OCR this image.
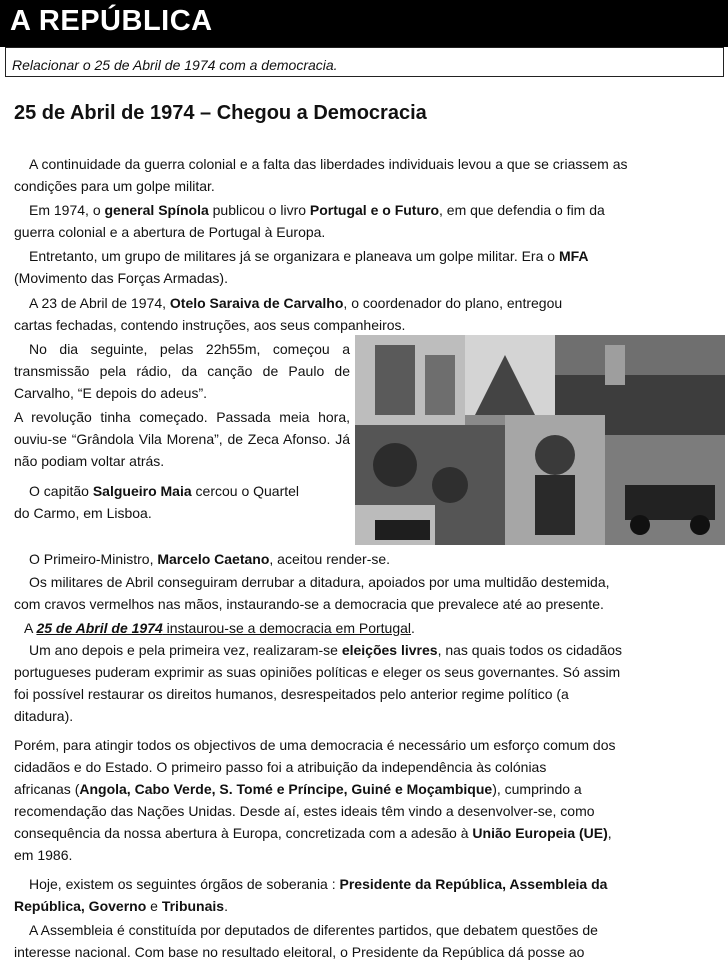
A REPÚBLICA
Relacionar o 25 de Abril de 1974 com a democracia.
25 de Abril de 1974 – Chegou a Democracia
A continuidade da guerra colonial e a falta das liberdades individuais levou a que se criassem as
condições para um golpe militar.
Em 1974, o general Spínola publicou o livro Portugal e o Futuro, em que defendia o fim da
guerra colonial e a abertura de Portugal à Europa.
Entretanto, um grupo de militares já se organizara e planeava um golpe militar. Era o MFA
(Movimento das Forças Armadas).
A 23 de Abril de 1974, Otelo Saraiva de Carvalho, o coordenador do plano, entregou
cartas fechadas, contendo instruções, aos seus companheiros.
No dia seguinte, pelas 22h55m, começou a transmissão pela rádio, da canção de Paulo de Carvalho, “E depois do adeus”.
A revolução tinha começado. Passada meia hora, ouviu-se “Grândola Vila Morena”, de Zeca Afonso. Já não podiam voltar atrás.
O capitão Salgueiro Maia cercou o Quartel
do Carmo, em Lisboa.
O Primeiro-Ministro, Marcelo Caetano, aceitou render-se.
Os militares de Abril conseguiram derrubar a ditadura, apoiados por uma multidão destemida,
com cravos vermelhos nas mãos, instaurando-se a democracia que prevalece até ao presente.
A 25 de Abril de 1974 instaurou-se a democracia em Portugal.
Um ano depois e pela primeira vez, realizaram-se eleições livres, nas quais todos os cidadãos
portugueses puderam exprimir as suas opiniões políticas e eleger os seus governantes. Só assim
foi possível restaurar os direitos humanos, desrespeitados pelo anterior regime político (a
ditadura).
Porém, para atingir todos os objectivos de uma democracia é necessário um esforço comum dos
cidadãos e do Estado. O primeiro passo foi a atribuição da independência às colónias
africanas (Angola, Cabo Verde, S. Tomé e Príncipe, Guiné e Moçambique), cumprindo a
recomendação das Nações Unidas. Desde aí, estes ideais têm vindo a desenvolver-se, como
consequência da nossa abertura à Europa, concretizada com a adesão à União Europeia (UE),
em 1986.
Hoje, existem os seguintes órgãos de soberania : Presidente da República, Assembleia da
República, Governo e Tribunais.
A Assembleia é constituída por deputados de diferentes partidos, que debatem questões de
interesse nacional. Com base no resultado eleitoral, o Presidente da República dá posse ao
